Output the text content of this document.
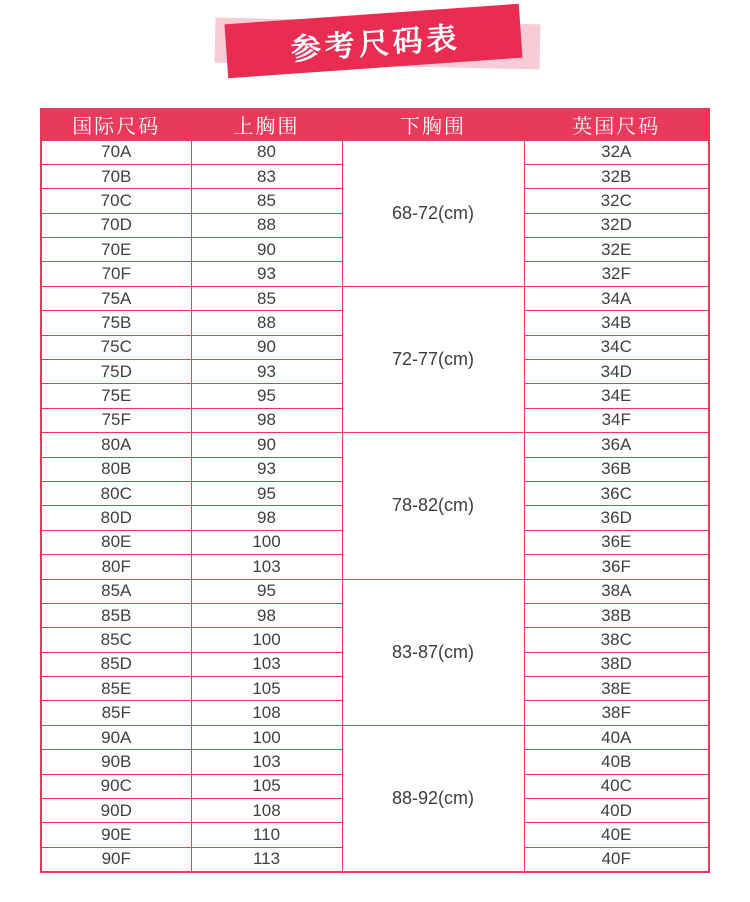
参考尺码表
国际尺码	上胸围	下胸围	英国尺码
70A	80	68-72(cm)	32A
70B	83		32B
70C	85		32C
70D	88		32D
70E	90		32E
70F	93		32F
75A	85	72-77(cm)	34A
75B	88		34B
75C	90		34C
75D	93		34D
75E	95		34E
75F	98		34F
80A	90	78-82(cm)	36A
80B	93		36B
80C	95		36C
80D	98		36D
80E	100		36E
80F	103		36F
85A	95	83-87(cm)	38A
85B	98		38B
85C	100		38C
85D	103		38D
85E	105		38E
85F	108		38F
90A	100	88-92(cm)	40A
90B	103		40B
90C	105		40C
90D	108		40D
90E	110		40E
90F	113		40F
